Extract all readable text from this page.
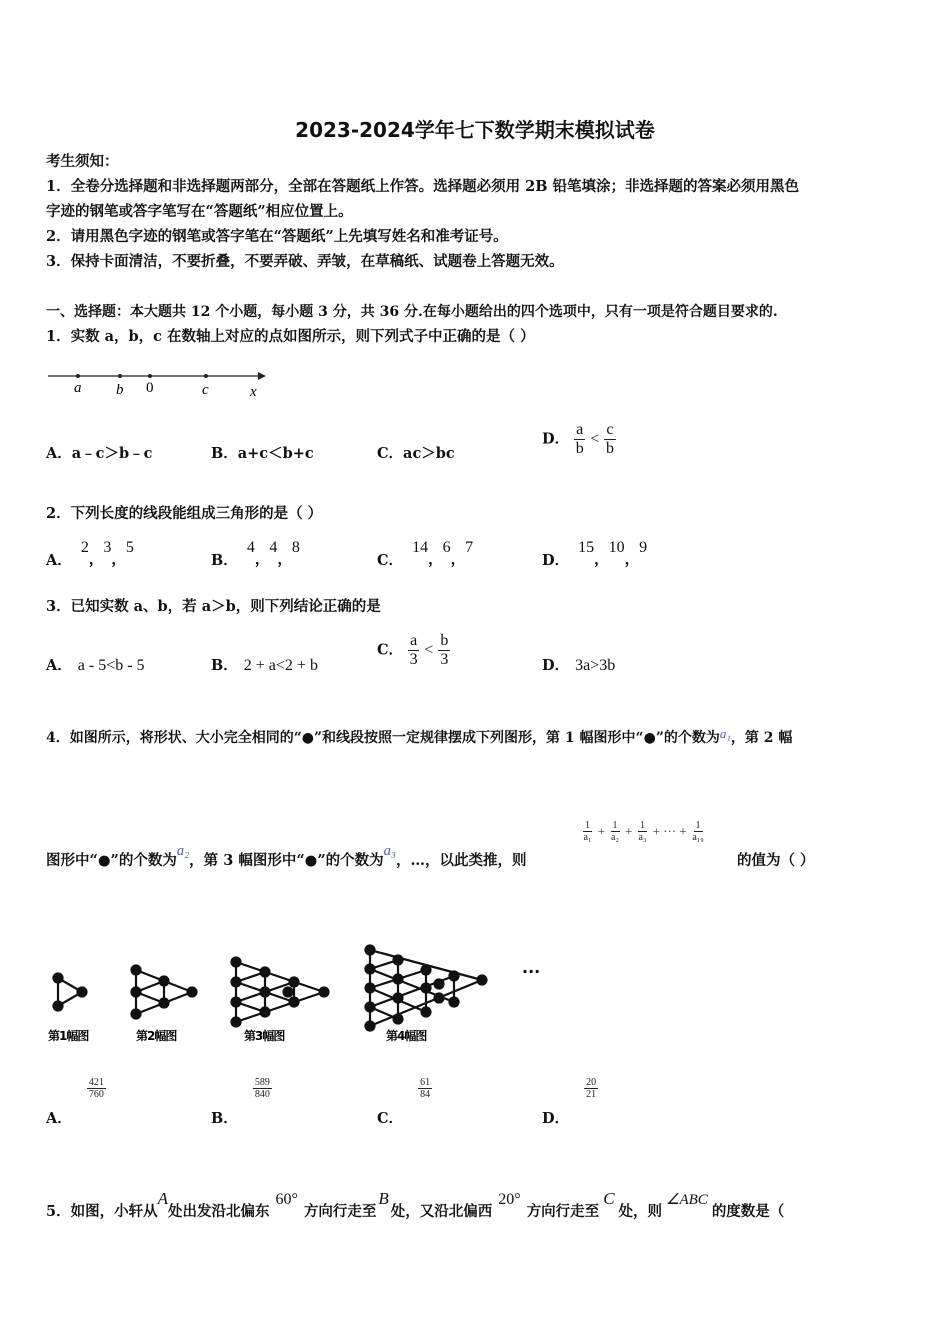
2023-2024学年七下数学期末模拟试卷
考生须知：
1．全卷分选择题和非选择题两部分，全部在答题纸上作答。选择题必须用 2B 铅笔填涂；非选择题的答案必须用黑色
字迹的钢笔或答字笔写在“答题纸”相应位置上。
2．请用黑色字迹的钢笔或答字笔在“答题纸”上先填写姓名和准考证号。
3．保持卡面清洁，不要折叠，不要弄破、弄皱，在草稿纸、试题卷上答题无效。
一、选择题：本大题共 12 个小题，每小题 3 分，共 36 分.在每小题给出的四个选项中，只有一项是符合题目要求的.
1．实数 a，b，c 在数轴上对应的点如图所示，则下列式子中正确的是（ ）
a b 0	c	x
A．a﹣c＞b﹣c	B．a+c＜b+c	C．ac＞bc
D． $\frac{a}{b} < \frac{c}{b}$
2．下列长度的线段能组成三角形的是（ ）
A． 2，3，5
B． 4，4，8
C． 14，6，7
D． 15，10，9
3．已知实数 a、b，若 a＞b，则下列结论正确的是
A． a - 5<b - 5	B． 2 + a<2 + b
C． $\frac{a}{3} < \frac{b}{3}$	D． 3a>3b
4．如图所示，将形状、大小完全相同的“●”和线段按照一定规律摆成下列图形，第 1 幅图形中“●”的个数为a₁，第 2 幅
图形中“●”的个数为a₂，第 3 幅图形中“●”的个数为a₃，…，以此类推，则
$\frac{1}{\text{a₁}} + \frac{1}{\text{a₂}} + \frac{1}{\text{a₃}}$ + ··· + $\frac{1}{\text{a₁₉}}$
的值为（ ）
···
第1幅图	第2幅图	第3幅图	第4幅图
A．
$\frac{421}{760}$
B．
$\frac{589}{840}$
C．
$\frac{61}{84}$
D．
$\frac{20}{21}$
5．如图，小轩从A处出发沿北偏东60°方向行走至B处，又沿北偏西20°方向行走至C处，则∠ABC的度数是（
